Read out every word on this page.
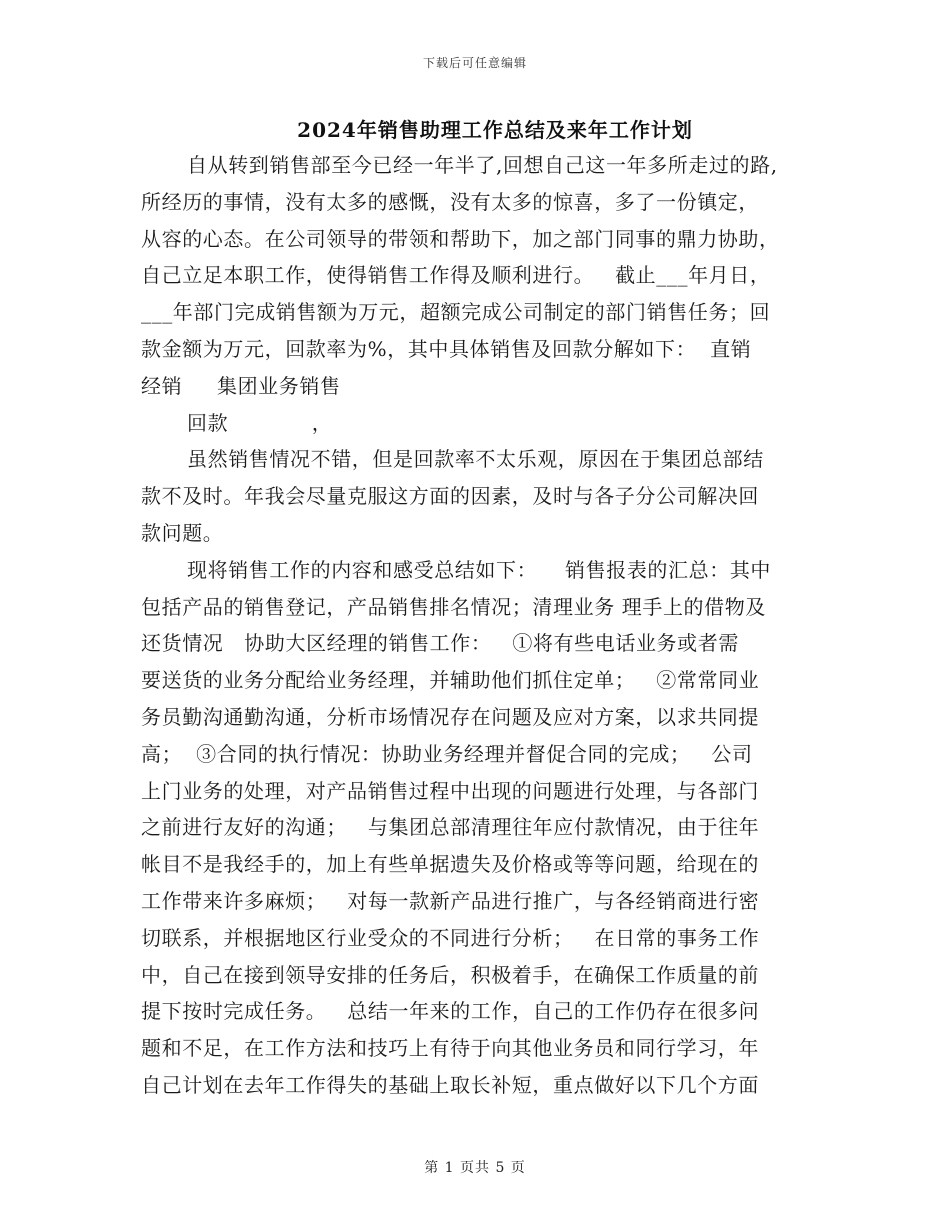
下载后可任意编辑
2024年销售助理工作总结及来年工作计划
自从转到销售部至今已经一年半了,回想自己这一年多所走过的路,
所经历的事情，没有太多的感慨，没有太多的惊喜，多了一份镇定，
从容的心态。在公司领导的带领和帮助下，加之部门同事的鼎力协助，
自己立足本职工作，使得销售工作得及顺利进行。   截止___年月日，
___年部门完成销售额为万元，超额完成公司制定的部门销售任务；回
款金额为万元，回款率为%，其中具体销售及回款分解如下：  直销
经销     集团业务销售
回款            ，
虽然销售情况不错，但是回款率不太乐观，原因在于集团总部结
款不及时。年我会尽量克服这方面的因素，及时与各子分公司解决回
款问题。
现将销售工作的内容和感受总结如下：    销售报表的汇总：其中
包括产品的销售登记，产品销售排名情况；清理业务 理手上的借物及
还货情况   协助大区经理的销售工作：   ①将有些电话业务或者需
要送货的业务分配给业务经理，并辅助他们抓住定单；   ②常常同业
务员勤沟通勤沟通，分析市场情况存在问题及应对方案，以求共同提
高；  ③合同的执行情况：协助业务经理并督促合同的完成；   公司
上门业务的处理，对产品销售过程中出现的问题进行处理，与各部门
之前进行友好的沟通；   与集团总部清理往年应付款情况，由于往年
帐目不是我经手的，加上有些单据遗失及价格或等等问题，给现在的
工作带来许多麻烦；   对每一款新产品进行推广，与各经销商进行密
切联系，并根据地区行业受众的不同进行分析；   在日常的事务工作
中，自己在接到领导安排的任务后，积极着手，在确保工作质量的前
提下按时完成任务。   总结一年来的工作，自己的工作仍存在很多问
题和不足，在工作方法和技巧上有待于向其他业务员和同行学习，年
自己计划在去年工作得失的基础上取长补短，重点做好以下几个方面
第 1 页共 5 页
